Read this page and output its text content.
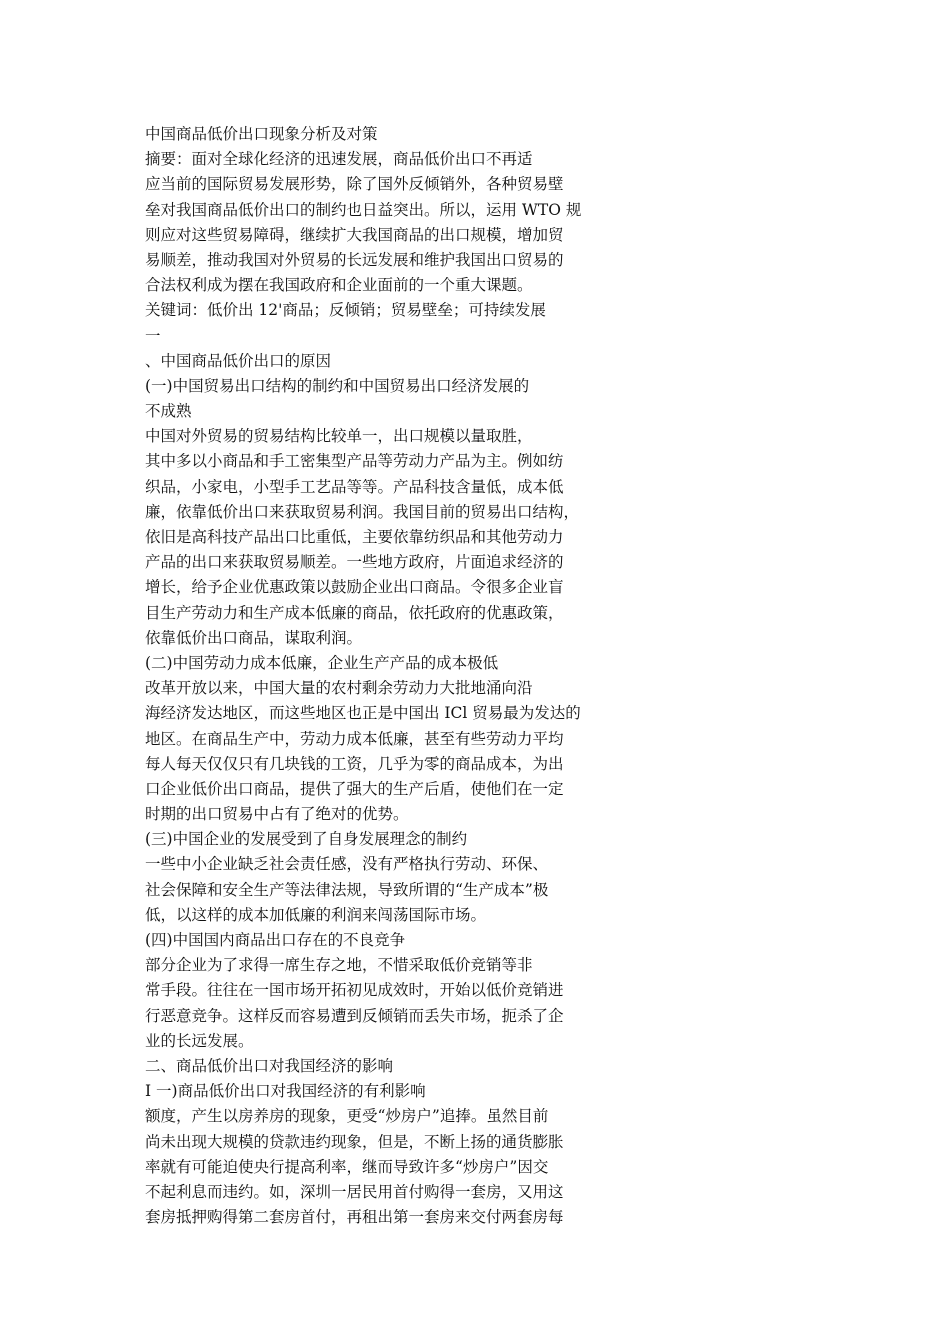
中国商品低价出口现象分析及对策
摘要：面对全球化经济的迅速发展，商品低价出口不再适
应当前的国际贸易发展形势，除了国外反倾销外，各种贸易壁
垒对我国商品低价出口的制约也日益突出。所以，运用 WTO 规
则应对这些贸易障碍，继续扩大我国商品的出口规模，增加贸
易顺差，推动我国对外贸易的长远发展和维护我国出口贸易的
合法权利成为摆在我国政府和企业面前的一个重大课题。
关键词：低价出 12'商品；反倾销；贸易壁垒；可持续发展
一
、中国商品低价出口的原因
(一)中国贸易出口结构的制约和中国贸易出口经济发展的
不成熟
中国对外贸易的贸易结构比较单一，出口规模以量取胜，
其中多以小商品和手工密集型产品等劳动力产品为主。例如纺
织品，小家电，小型手工艺品等等。产品科技含量低，成本低
廉，依靠低价出口来获取贸易利润。我国目前的贸易出口结构，
依旧是高科技产品出口比重低，主要依靠纺织品和其他劳动力
产品的出口来获取贸易顺差。一些地方政府，片面追求经济的
增长，给予企业优惠政策以鼓励企业出口商品。令很多企业盲
目生产劳动力和生产成本低廉的商品，依托政府的优惠政策，
依靠低价出口商品，谋取利润。
(二)中国劳动力成本低廉，企业生产产品的成本极低
改革开放以来，中国大量的农村剩余劳动力大批地涌向沿
海经济发达地区，而这些地区也正是中国出 ICl 贸易最为发达的
地区。在商品生产中，劳动力成本低廉，甚至有些劳动力平均
每人每天仅仅只有几块钱的工资，几乎为零的商品成本，为出
口企业低价出口商品，提供了强大的生产后盾，使他们在一定
时期的出口贸易中占有了绝对的优势。
(三)中国企业的发展受到了自身发展理念的制约
一些中小企业缺乏社会责任感，没有严格执行劳动、环保、
社会保障和安全生产等法律法规，导致所谓的“生产成本”极
低，以这样的成本加低廉的利润来闯荡国际市场。
(四)中国国内商品出口存在的不良竞争
部分企业为了求得一席生存之地，不惜采取低价竞销等非
常手段。往往在一国市场开拓初见成效时，开始以低价竞销进
行恶意竞争。这样反而容易遭到反倾销而丢失市场，扼杀了企
业的长远发展。
二、商品低价出口对我国经济的影响
I 一)商品低价出口对我国经济的有利影响
额度，产生以房养房的现象，更受“炒房户”追捧。虽然目前
尚未出现大规模的贷款违约现象，但是，不断上扬的通货膨胀
率就有可能迫使央行提高利率，继而导致许多“炒房户”因交
不起利息而违约。如，深圳一居民用首付购得一套房，又用这
套房抵押购得第二套房首付，再租出第一套房来交付两套房每
